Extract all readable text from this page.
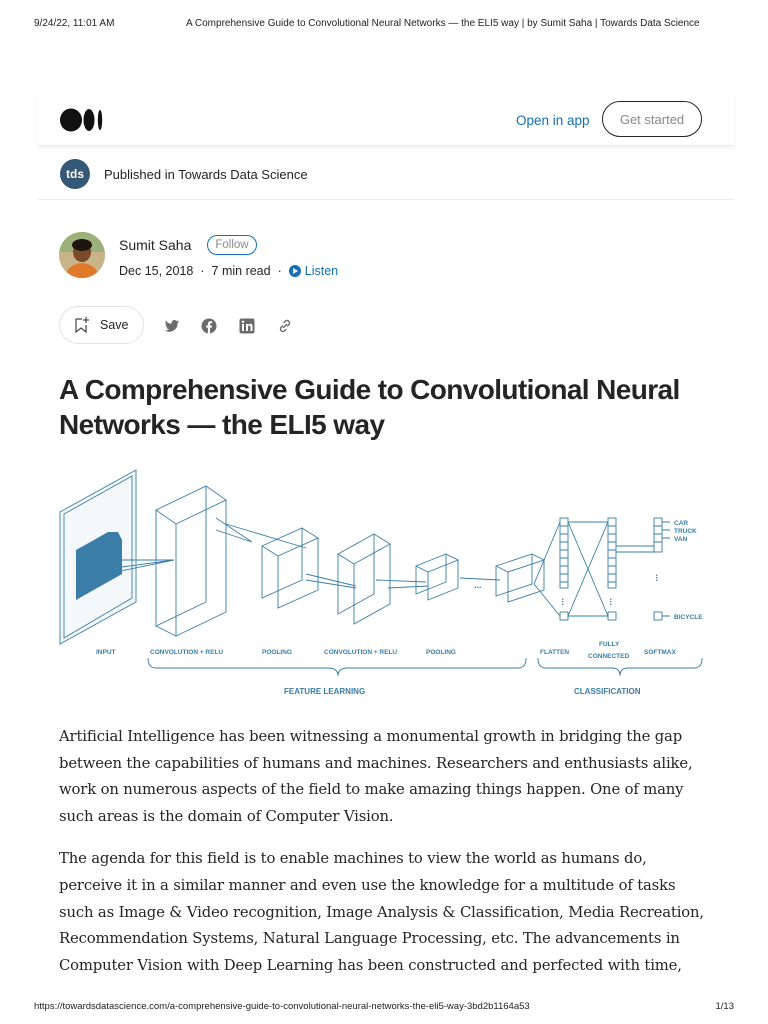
9/24/22, 11:01 AM	A Comprehensive Guide to Convolutional Neural Networks — the ELI5 way | by Sumit Saha | Towards Data Science
Open in app	Get started
tds	Published in Towards Data Science
Sumit Saha	Follow
Dec 15, 2018 · 7 min read · Listen
Save
A Comprehensive Guide to Convolutional Neural Networks — the ELI5 way
...
...	...
...
CAR
TRUCK
VAN
BICYCLE
INPUT	CONVOLUTION + RELU	POOLING	CONVOLUTION + RELU	POOLING	FLATTEN
FULLY
CONNECTED
SOFTMAX
FEATURE LEARNING	CLASSIFICATION

Artificial Intelligence has been witnessing a monumental growth in bridging the gap between the capabilities of humans and machines. Researchers and enthusiasts alike, work on numerous aspects of the field to make amazing things happen. One of many such areas is the domain of Computer Vision.

The agenda for this field is to enable machines to view the world as humans do, perceive it in a similar manner and even use the knowledge for a multitude of tasks such as Image & Video recognition, Image Analysis & Classification, Media Recreation, Recommendation Systems, Natural Language Processing, etc. The advancements in Computer Vision with Deep Learning has been constructed and perfected with time,

https://towardsdatascience.com/a-comprehensive-guide-to-convolutional-neural-networks-the-eli5-way-3bd2b1164a53	1/13
